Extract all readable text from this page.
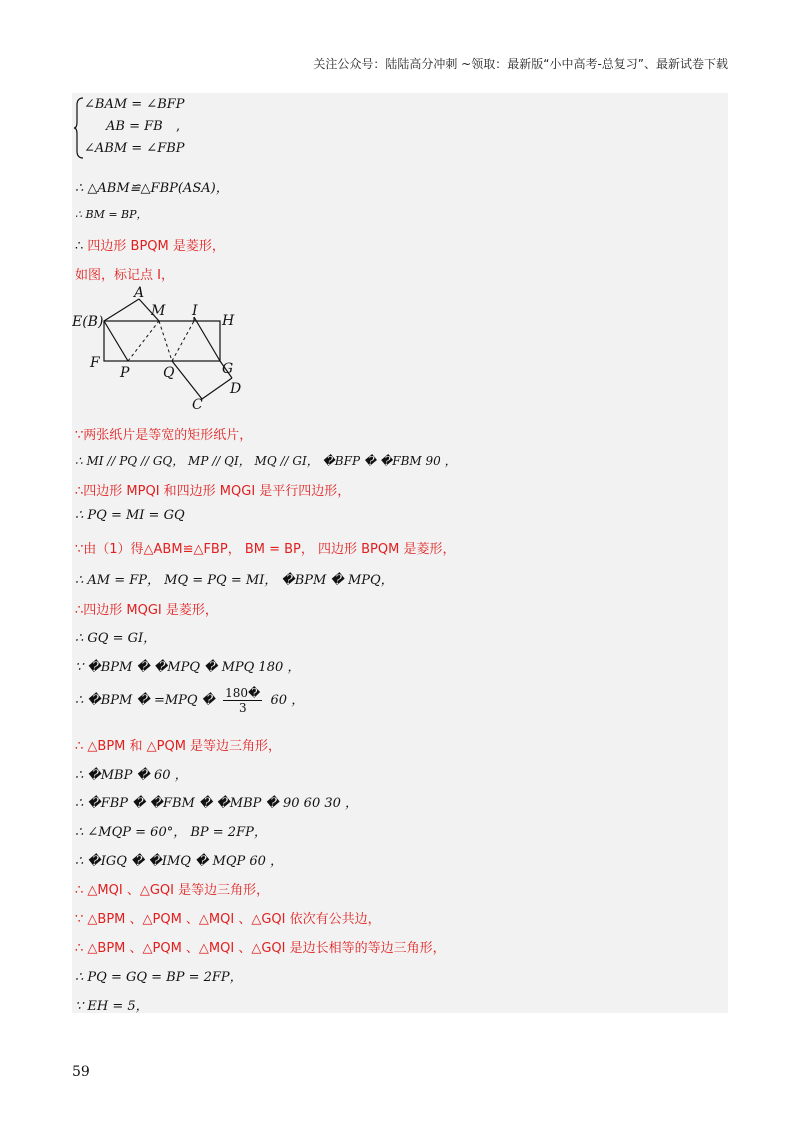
关注公众号：陆陆高分冲刺 ~领取：最新版“小中高考-总复习”、最新试卷下载
∠BAM = ∠BFP
AB = FB ,
∠ABM = ∠FBP
∴ △ABM≌△FBP(ASA)，
∴ BM = BP，
∴ 四边形 BPQM 是菱形，
如图，标记点 I，
A
M I
H
E(B)
F
P Q	G
D
C
∵两张纸片是等宽的矩形纸片，
∴ MI // PQ // GQ， MP // QI， MQ // GI， �BFP � �FBM 90 ，
∴四边形 MPQI 和四边形 MQGI 是平行四边形，
∴ PQ = MI = GQ
∵由（1）得△ABM≌△FBP， BM = BP， 四边形 BPQM 是菱形，
∴ AM = FP， MQ = PQ = MI， �BPM � MPQ，
∴四边形 MQGI 是菱形，
∴ GQ = GI，
∵ �BPM � �MPQ � MPQ 180 ，
∴ �BPM � =MPQ � $\frac{180�}{3} 60$ ，
∴ △BPM 和 △PQM 是等边三角形，
∴ �MBP � 60 ，
∴ �FBP � �FBM � �MBP � 90 60 30 ，
∴ ∠MQP = 60°， BP = 2FP，
∴ �IGQ � �IMQ � MQP 60 ，
∴ △MQI 、△GQI 是等边三角形，
∵ △BPM 、△PQM 、△MQI 、△GQI 依次有公共边，
∴ △BPM 、△PQM 、△MQI 、△GQI 是边长相等的等边三角形，
∴ PQ = GQ = BP = 2FP，
∵ EH = 5，
59
